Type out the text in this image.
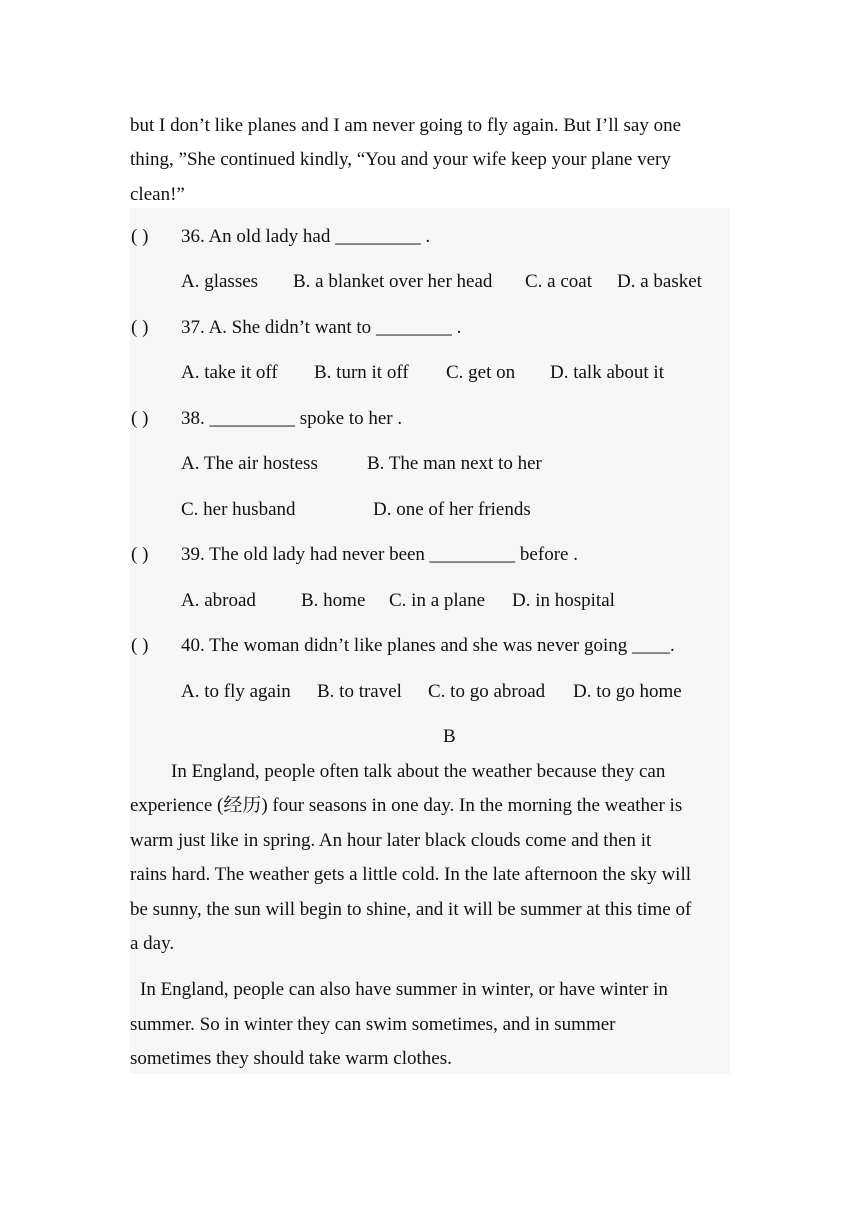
but I don’t like planes and I am never going to fly again. But I’ll say one
thing, ”She continued kindly, “You and your wife keep your plane very
clean!”
( ) 36. An old lady had _________ .
A. glasses B. a blanket over her head C. a coat D. a basket
( ) 37. A. She didn’t want to ________ .
A. take it off B. turn it off C. get on D. talk about it
( ) 38. _________ spoke to her .
A. The air hostess	B. The man next to her
C. her husband	D. one of her friends
( ) 39. The old lady had never been _________ before .
A. abroad B. home C. in a plane D. in hospital
( ) 40. The woman didn’t like planes and she was never going ____.
A. to fly again B. to travel C. to go abroad D. to go home
B
In England, people often talk about the weather because they can
experience (经历) four seasons in one day. In the morning the weather is
warm just like in spring. An hour later black clouds come and then it
rains hard. The weather gets a little cold. In the late afternoon the sky will
be sunny, the sun will begin to shine, and it will be summer at this time of
a day.
In England, people can also have summer in winter, or have winter in
summer. So in winter they can swim sometimes, and in summer
sometimes they should take warm clothes.
